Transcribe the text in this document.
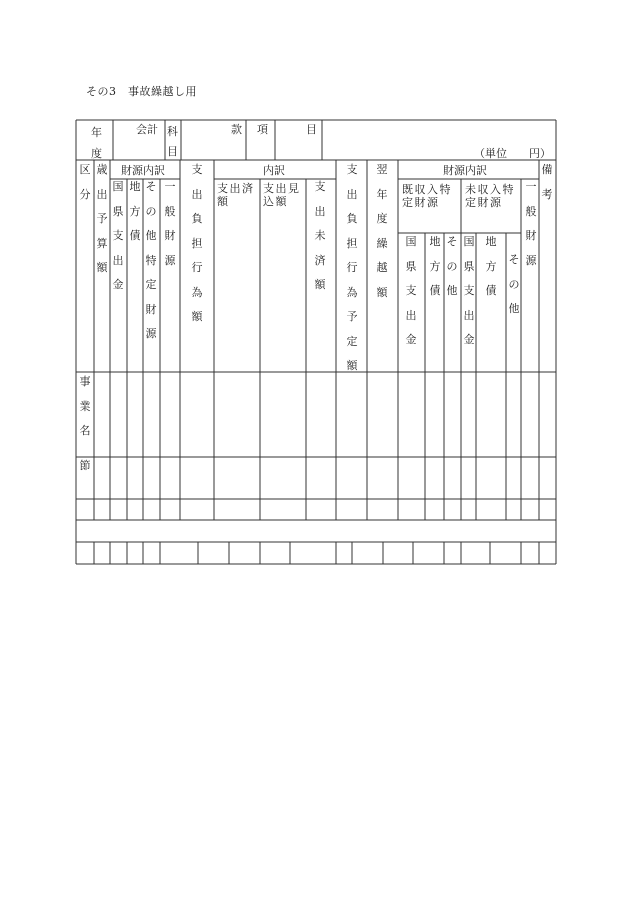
その3　事故繰越し用
年度
会計 科目
款 項	目
（単位　　円）
区
分
歳
出
予
算
額
財源内訳
国
県
支
出
金
地
方
債
そ
の
他
特
定
財
源
一
般
財
源
支
出
負
担
行
為
額
内訳
支出済額
支出見込額
支
出
未
済
額
支
出
負
担
行
為
予
定
額
翌
年
度
繰
越
額
財源内訳
既収入特定財源
未収入特定財源
国
県
支
出
金
地
方
債
そ
の
他
国
県
支
出
金
地
方
債
そ
の
他
一
般
財
源
備
考
事
業
名
節
